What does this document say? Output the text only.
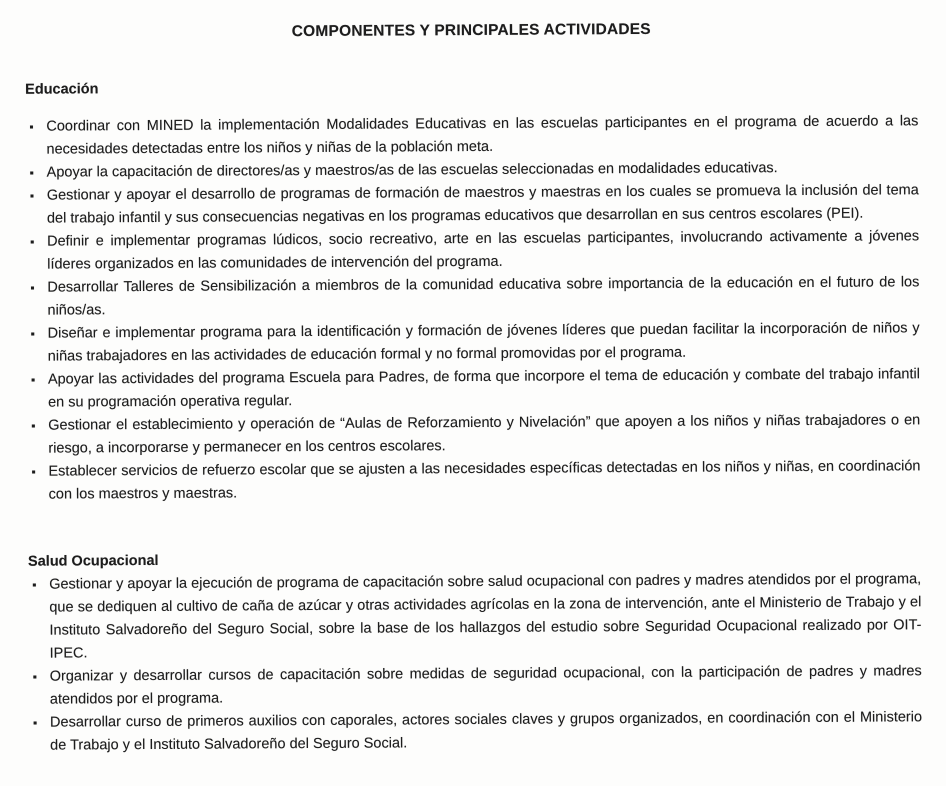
COMPONENTES Y PRINCIPALES ACTIVIDADES
Educación
▪ Coordinar con MINED la implementación Modalidades Educativas en las escuelas participantes en el programa de acuerdo a las necesidades detectadas entre los niños y niñas de la población meta.
▪ Apoyar la capacitación de directores/as y maestros/as de las escuelas seleccionadas en modalidades educativas.
▪ Gestionar y apoyar el desarrollo de programas de formación de maestros y maestras en los cuales se promueva la inclusión del tema del trabajo infantil y sus consecuencias negativas en los programas educativos que desarrollan en sus centros escolares (PEI).
▪ Definir e implementar programas lúdicos, socio recreativo, arte en las escuelas participantes, involucrando activamente a jóvenes líderes organizados en las comunidades de intervención del programa.
▪ Desarrollar Talleres de Sensibilización a miembros de la comunidad educativa sobre importancia de la educación en el futuro de los niños/as.
▪ Diseñar e implementar programa para la identificación y formación de jóvenes líderes que puedan facilitar la incorporación de niños y niñas trabajadores en las actividades de educación formal y no formal promovidas por el programa.
▪ Apoyar las actividades del programa Escuela para Padres, de forma que incorpore el tema de educación y combate del trabajo infantil en su programación operativa regular.
▪ Gestionar el establecimiento y operación de “Aulas de Reforzamiento y Nivelación” que apoyen a los niños y niñas trabajadores o en riesgo, a incorporarse y permanecer en los centros escolares.
▪ Establecer servicios de refuerzo escolar que se ajusten a las necesidades específicas detectadas en los niños y niñas, en coordinación con los maestros y maestras.
Salud Ocupacional
▪ Gestionar y apoyar la ejecución de programa de capacitación sobre salud ocupacional con padres y madres atendidos por el programa, que se dediquen al cultivo de caña de azúcar y otras actividades agrícolas en la zona de intervención, ante el Ministerio de Trabajo y el Instituto Salvadoreño del Seguro Social, sobre la base de los hallazgos del estudio sobre Seguridad Ocupacional realizado por OIT-IPEC.
▪ Organizar y desarrollar cursos de capacitación sobre medidas de seguridad ocupacional, con la participación de padres y madres atendidos por el programa.
▪ Desarrollar curso de primeros auxilios con caporales, actores sociales claves y grupos organizados, en coordinación con el Ministerio de Trabajo y el Instituto Salvadoreño del Seguro Social.
